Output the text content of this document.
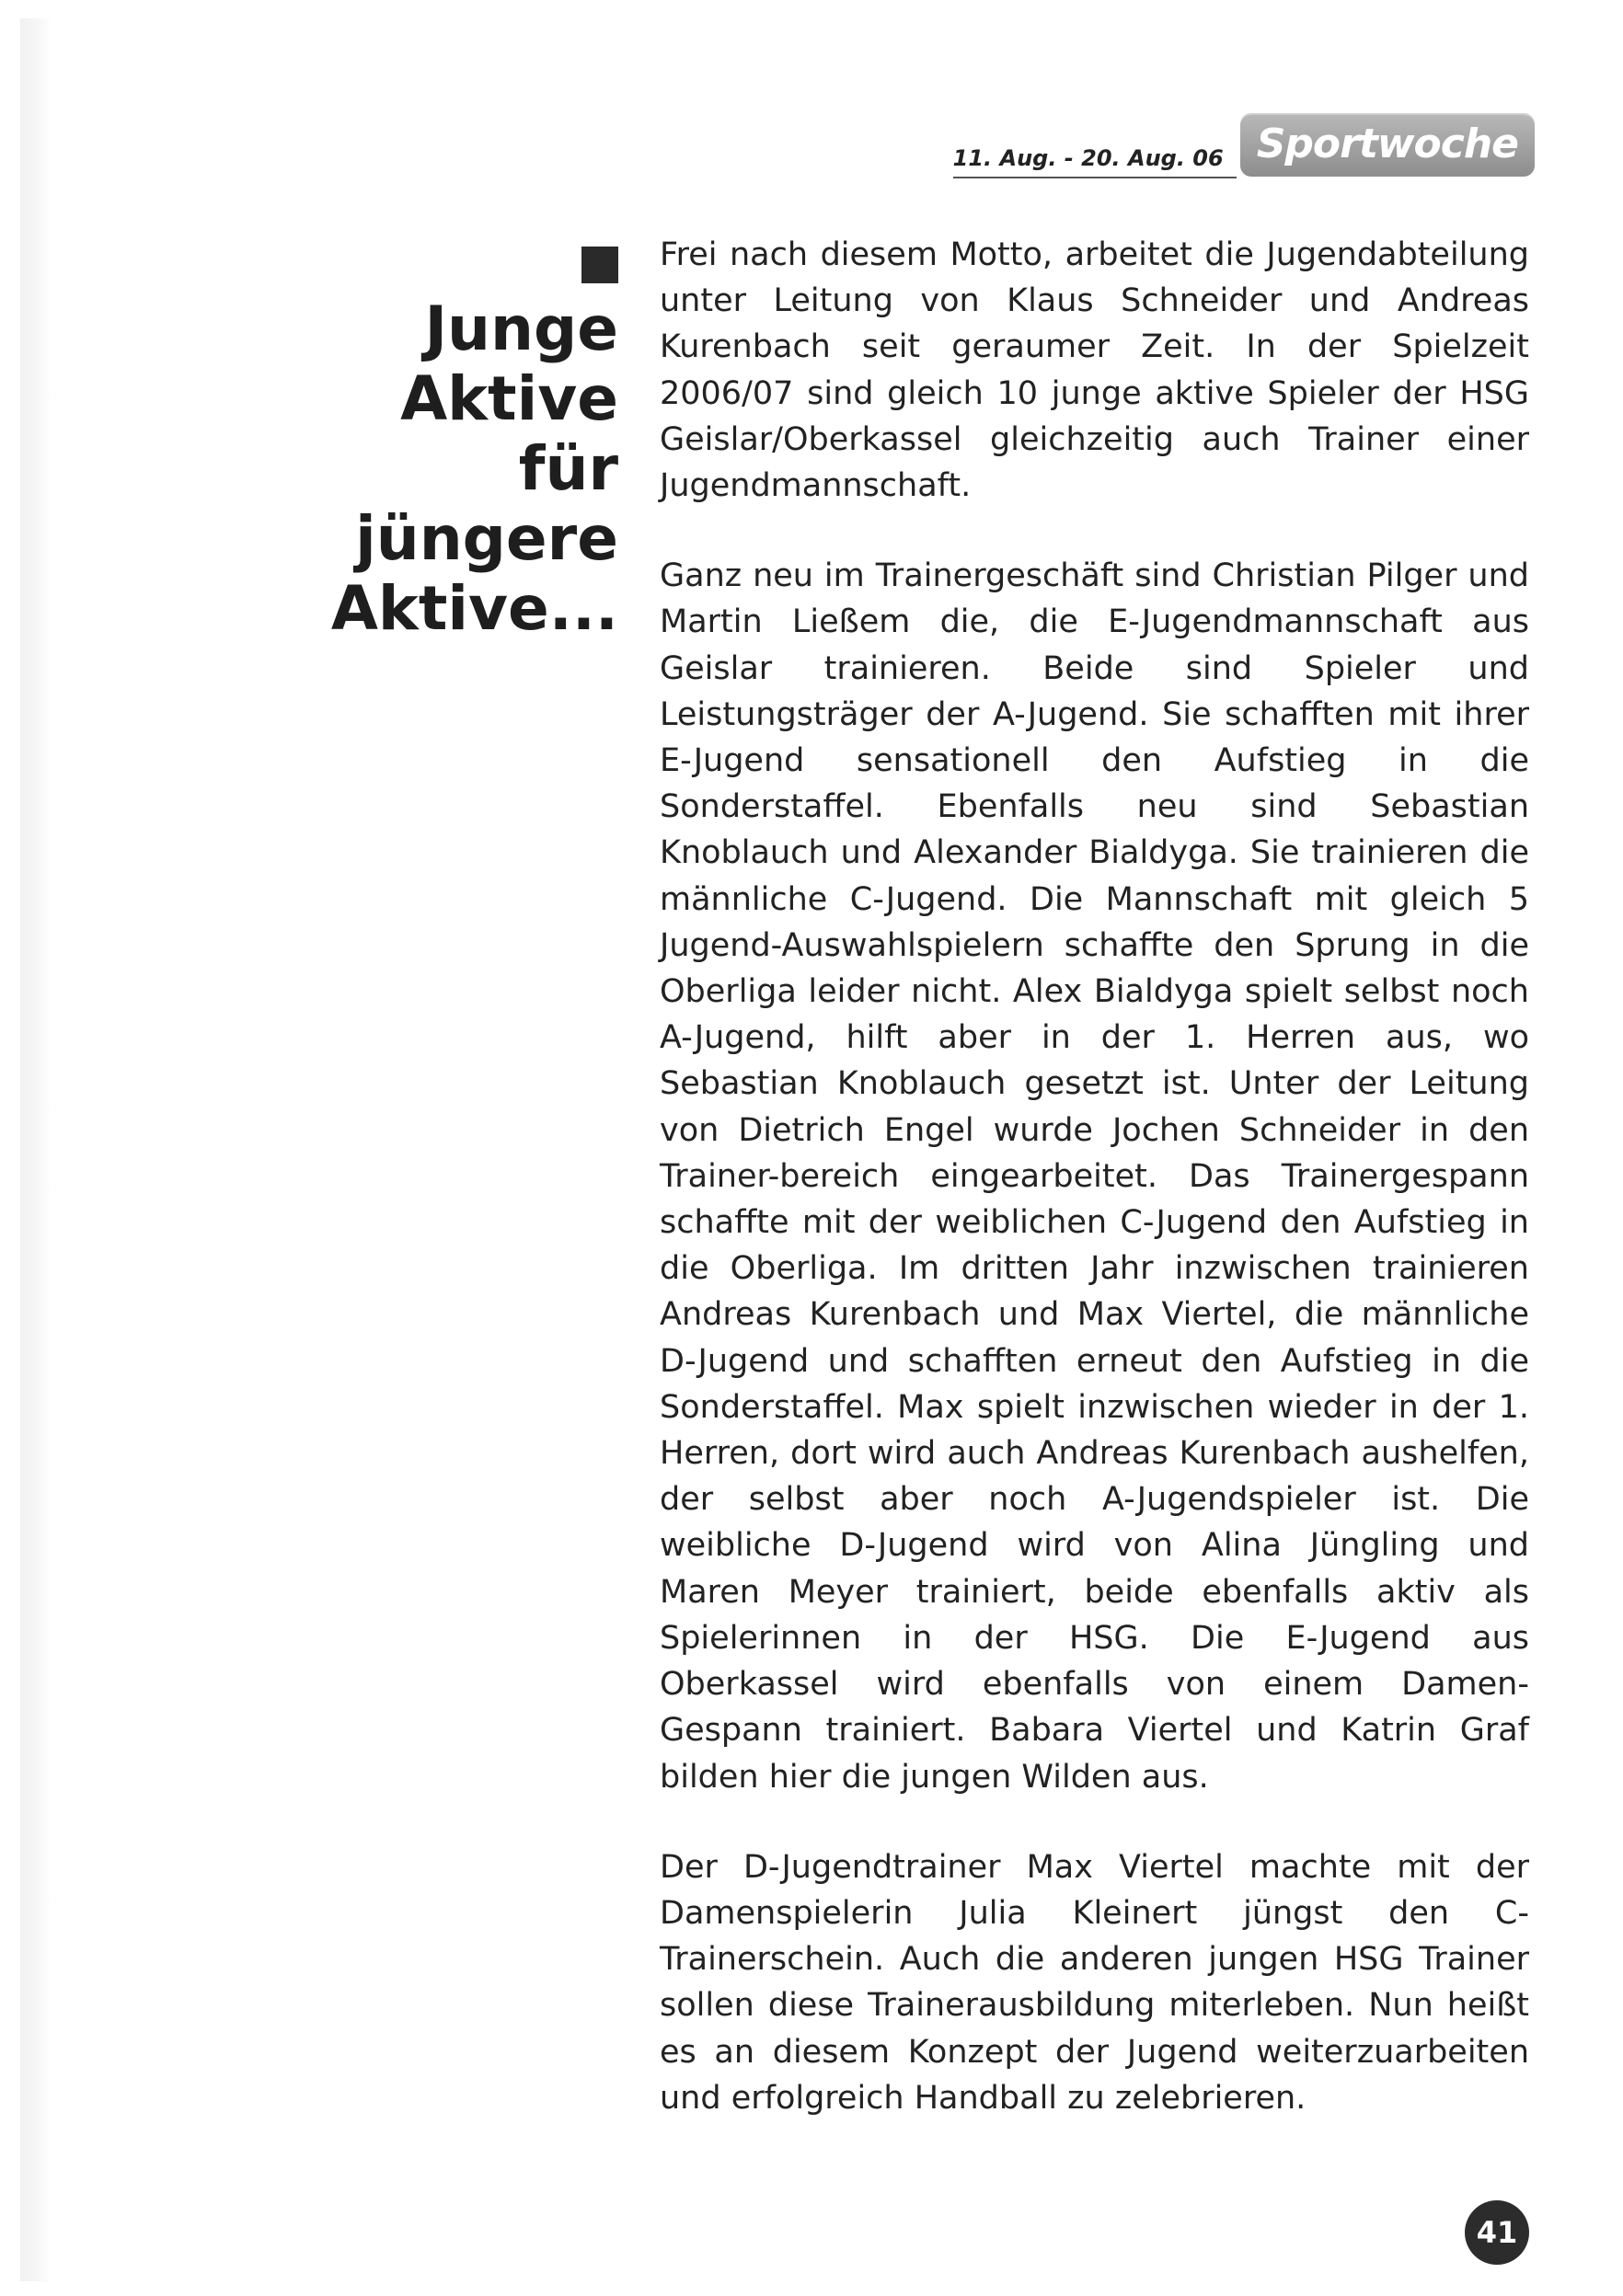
11. Aug. - 20. Aug. 06 Sportwoche
Junge
Aktive
für
jüngere
Aktive...

Frei nach diesem Motto, arbeitet die Jugendabteilung unter Leitung von Klaus Schneider und Andreas Kurenbach seit geraumer Zeit. In der Spielzeit 2006/07 sind gleich 10 junge aktive Spieler der HSG Geislar/Oberkassel gleichzeitig auch Trainer einer Jugendmannschaft.

Ganz neu im Trainergeschäft sind Christian Pilger und Martin Ließem die, die E-Jugendmannschaft aus Geislar trainieren. Beide sind Spieler und Leistungsträger der A-Jugend. Sie schafften mit ihrer E-Jugend sensationell den Aufstieg in die Sonderstaffel. Ebenfalls neu sind Sebastian Knoblauch und Alexander Bialdyga. Sie trainieren die männliche C-Jugend. Die Mannschaft mit gleich 5 Jugend-Auswahlspielern schaffte den Sprung in die Oberliga leider nicht. Alex Bialdyga spielt selbst noch A-Jugend, hilft aber in der 1. Herren aus, wo Sebastian Knoblauch gesetzt ist. Unter der Leitung von Dietrich Engel wurde Jochen Schneider in den Trainer-bereich eingearbeitet. Das Trainergespann schaffte mit der weiblichen C-Jugend den Aufstieg in die Oberliga. Im dritten Jahr inzwischen trainieren Andreas Kurenbach und Max Viertel, die männliche D-Jugend und schafften erneut den Aufstieg in die Sonderstaffel. Max spielt inzwischen wieder in der 1. Herren, dort wird auch Andreas Kurenbach aushelfen, der selbst aber noch A-Jugendspieler ist. Die weibliche D-Jugend wird von Alina Jüngling und Maren Meyer trainiert, beide ebenfalls aktiv als Spielerinnen in der HSG. Die E-Jugend aus Oberkassel wird ebenfalls von einem Damen-Gespann trainiert. Babara Viertel und Katrin Graf bilden hier die jungen Wilden aus.

Der D-Jugendtrainer Max Viertel machte mit der Damenspielerin Julia Kleinert jüngst den C-Trainerschein. Auch die anderen jungen HSG Trainer sollen diese Trainerausbildung miterleben. Nun heißt es an diesem Konzept der Jugend weiterzuarbeiten und erfolgreich Handball zu zelebrieren.

41
